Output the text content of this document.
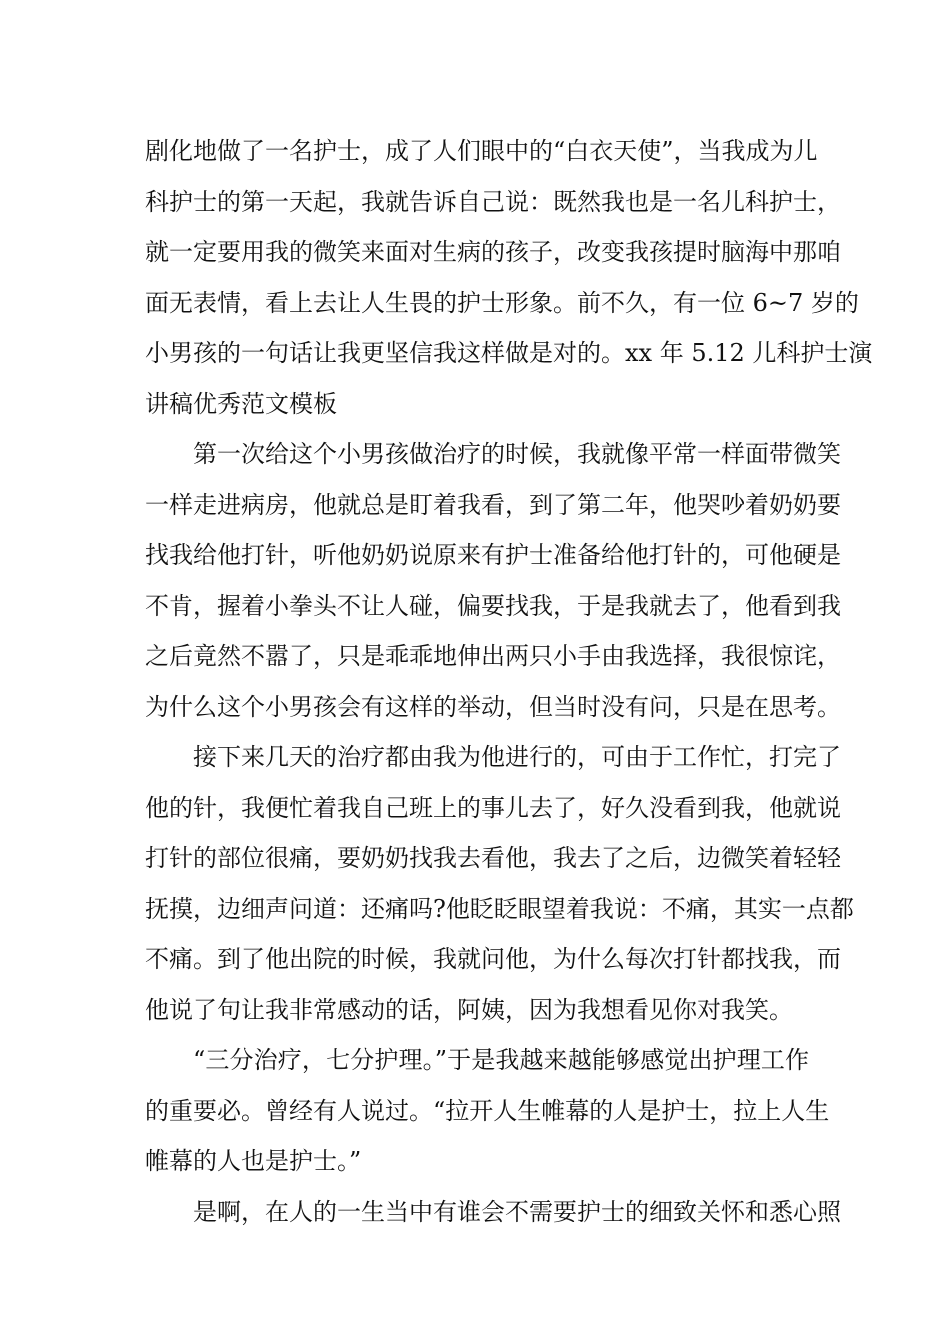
剧化地做了一名护士，成了人们眼中的“白衣天使”，当我成为儿
科护士的第一天起，我就告诉自己说：既然我也是一名儿科护士，
就一定要用我的微笑来面对生病的孩子，改变我孩提时脑海中那咱
面无表情，看上去让人生畏的护士形象。前不久，有一位 6~7 岁的
小男孩的一句话让我更坚信我这样做是对的。xx 年 5.12 儿科护士演
讲稿优秀范文模板
第一次给这个小男孩做治疗的时候，我就像平常一样面带微笑
一样走进病房，他就总是盯着我看，到了第二年，他哭吵着奶奶要
找我给他打针，听他奶奶说原来有护士准备给他打针的，可他硬是
不肯，握着小拳头不让人碰，偏要找我，于是我就去了，他看到我
之后竟然不嚣了，只是乖乖地伸出两只小手由我选择，我很惊诧，
为什么这个小男孩会有这样的举动，但当时没有问，只是在思考。
接下来几天的治疗都由我为他进行的，可由于工作忙，打完了
他的针，我便忙着我自己班上的事儿去了，好久没看到我，他就说
打针的部位很痛，要奶奶找我去看他，我去了之后，边微笑着轻轻
抚摸，边细声问道：还痛吗?他眨眨眼望着我说：不痛，其实一点都
不痛。到了他出院的时候，我就问他，为什么每次打针都找我，而
他说了句让我非常感动的话，阿姨，因为我想看见你对我笑。
“三分治疗，七分护理。”于是我越来越能够感觉出护理工作
的重要必。曾经有人说过。“拉开人生帷幕的人是护士，拉上人生
帷幕的人也是护士。”
是啊，在人的一生当中有谁会不需要护士的细致关怀和悉心照
